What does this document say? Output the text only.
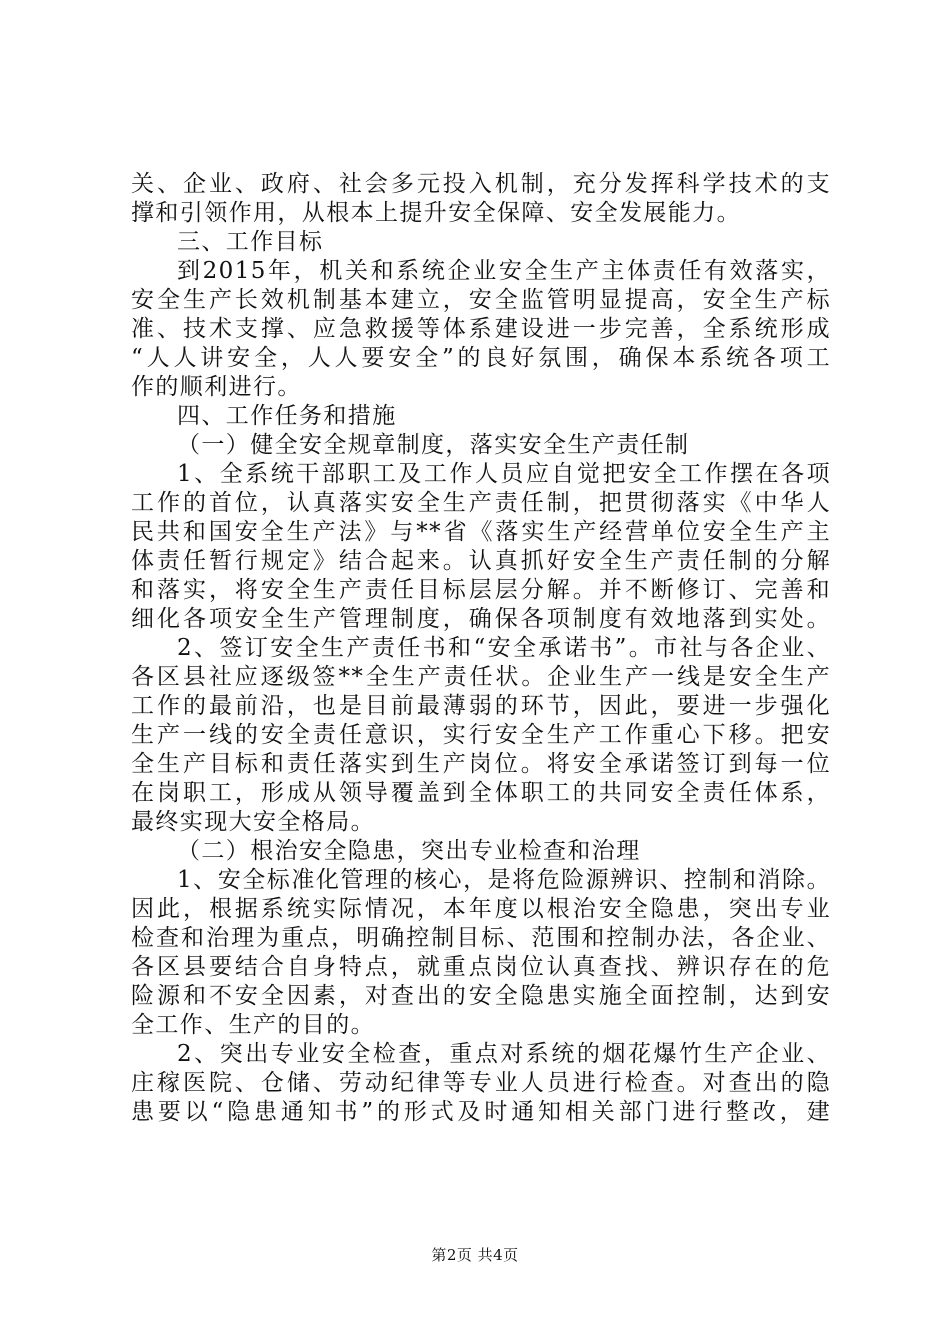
关、企业、政府、社会多元投入机制，充分发挥科学技术的支
撑和引领作用，从根本上提升安全保障、安全发展能力。
三、工作目标
到2015年，机关和系统企业安全生产主体责任有效落实，
安全生产长效机制基本建立，安全监管明显提高，安全生产标
准、技术支撑、应急救援等体系建设进一步完善，全系统形成
“人人讲安全，人人要安全”的良好氛围，确保本系统各项工
作的顺利进行。
四、工作任务和措施
（一）健全安全规章制度，落实安全生产责任制
1、全系统干部职工及工作人员应自觉把安全工作摆在各项
工作的首位，认真落实安全生产责任制，把贯彻落实《中华人
民共和国安全生产法》与**省《落实生产经营单位安全生产主
体责任暂行规定》结合起来。认真抓好安全生产责任制的分解
和落实，将安全生产责任目标层层分解。并不断修订、完善和
细化各项安全生产管理制度，确保各项制度有效地落到实处。
2、签订安全生产责任书和“安全承诺书”。市社与各企业、
各区县社应逐级签**全生产责任状。企业生产一线是安全生产
工作的最前沿，也是目前最薄弱的环节，因此，要进一步强化
生产一线的安全责任意识，实行安全生产工作重心下移。把安
全生产目标和责任落实到生产岗位。将安全承诺签订到每一位
在岗职工，形成从领导覆盖到全体职工的共同安全责任体系，
最终实现大安全格局。
（二）根治安全隐患，突出专业检查和治理
1、安全标准化管理的核心，是将危险源辨识、控制和消除。
因此，根据系统实际情况，本年度以根治安全隐患，突出专业
检查和治理为重点，明确控制目标、范围和控制办法，各企业、
各区县要结合自身特点，就重点岗位认真查找、辨识存在的危
险源和不安全因素，对查出的安全隐患实施全面控制，达到安
全工作、生产的目的。
2、突出专业安全检查，重点对系统的烟花爆竹生产企业、
庄稼医院、仓储、劳动纪律等专业人员进行检查。对查出的隐
患要以“隐患通知书”的形式及时通知相关部门进行整改，建
第2页 共4页
